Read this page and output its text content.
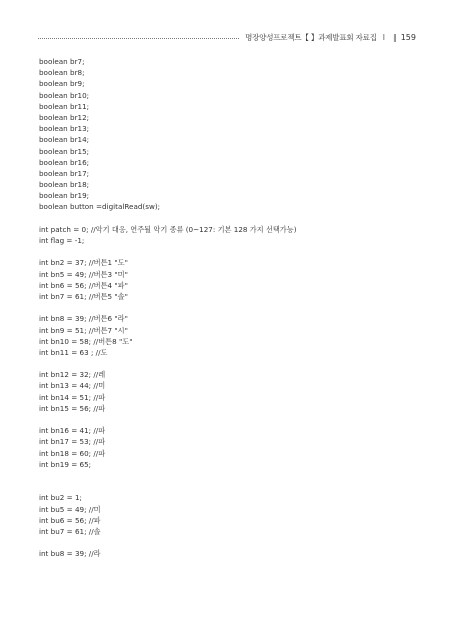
명장양성프로젝트【 】과제발표회 자료집 I ‖ 159
boolean br7;
boolean br8;
boolean br9;
boolean br10;
boolean br11;
boolean br12;
boolean br13;
boolean br14;
boolean br15;
boolean br16;
boolean br17;
boolean br18;
boolean br19;
boolean button =digitalRead(sw);
int patch = 0; //악기 대응, 연주될 악기 종류 (0~127: 기본 128 가지 선택가능)
int flag = -1;
int bn2 = 37; //버튼1 "도"
int bn5 = 49; //버튼3 "미"
int bn6 = 56; //버튼4 "파"
int bn7 = 61; //버튼5 "솔"
int bn8 = 39; //버튼6 "라"
int bn9 = 51; //버튼7 "시"
int bn10 = 58; //버튼8 "도"
int bn11 = 63 ; //도
int bn12 = 32; //레
int bn13 = 44; //미
int bn14 = 51; //파
int bn15 = 56; //파
int bn16 = 41; //파
int bn17 = 53; //파
int bn18 = 60; //파
int bn19 = 65;
int bu2 = 1;
int bu5 = 49; //미
int bu6 = 56; //파
int bu7 = 61; //솔
int bu8 = 39; //라
